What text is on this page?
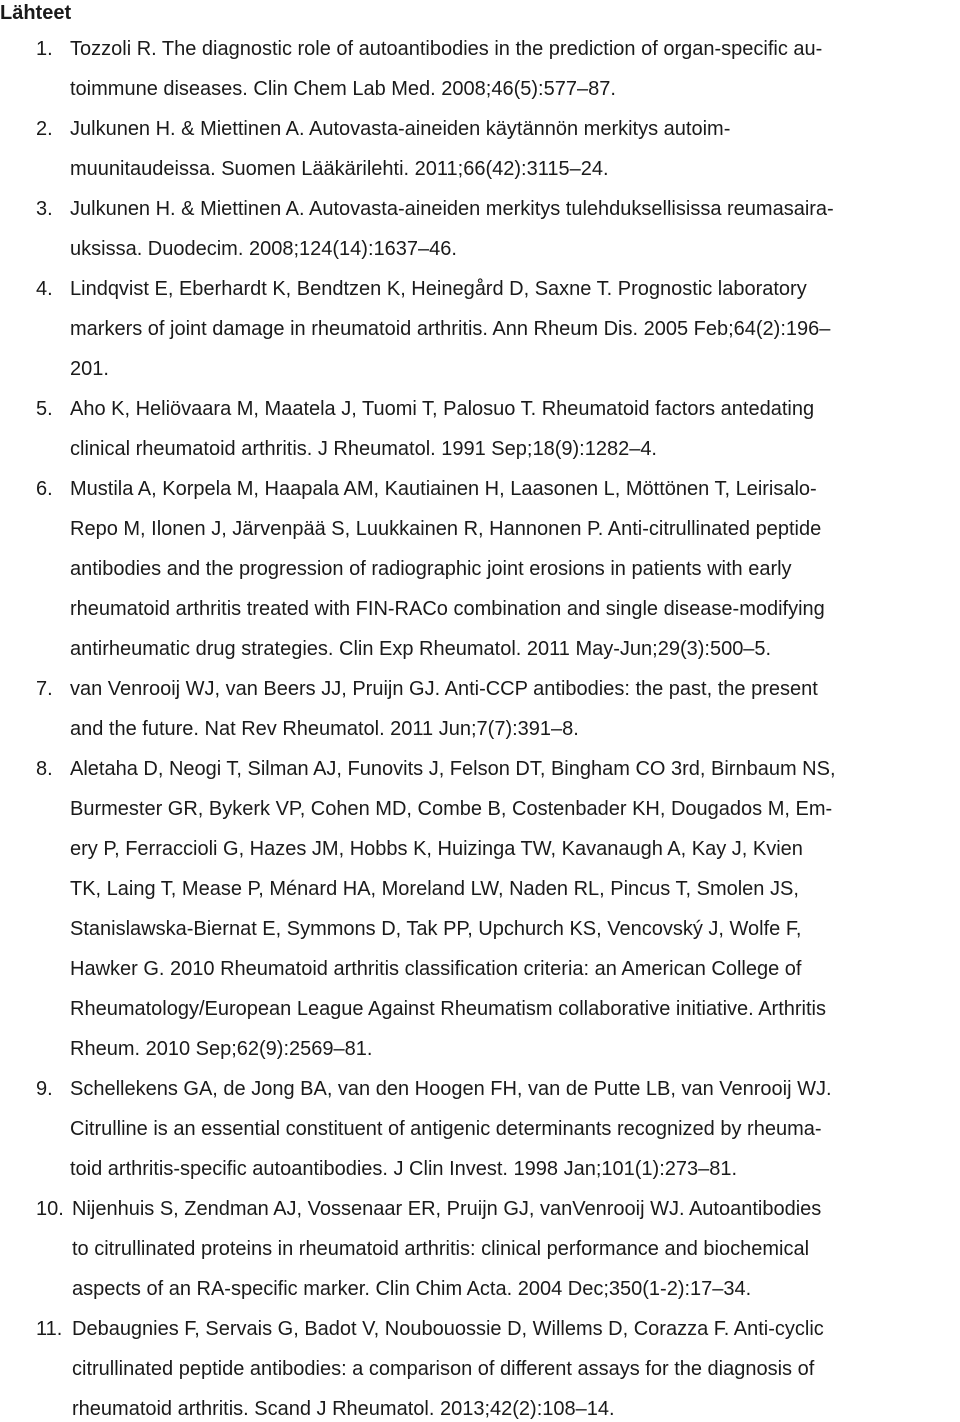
Lähteet
1. Tozzoli R. The diagnostic role of autoantibodies in the prediction of organ-specific au-
toimmune diseases. Clin Chem Lab Med. 2008;46(5):577–87.
2. Julkunen H. & Miettinen A. Autovasta-aineiden käytännön merkitys autoim-
muunitaudeissa. Suomen Lääkärilehti. 2011;66(42):3115–24.
3. Julkunen H. & Miettinen A. Autovasta-aineiden merkitys tulehduksellisissa reumasaira-
uksissa. Duodecim. 2008;124(14):1637–46.
4. Lindqvist E, Eberhardt K, Bendtzen K, Heinegård D, Saxne T. Prognostic laboratory
markers of joint damage in rheumatoid arthritis. Ann Rheum Dis. 2005 Feb;64(2):196–
201.
5. Aho K, Heliövaara M, Maatela J, Tuomi T, Palosuo T. Rheumatoid factors antedating
clinical rheumatoid arthritis. J Rheumatol. 1991 Sep;18(9):1282–4.
6. Mustila A, Korpela M, Haapala AM, Kautiainen H, Laasonen L, Möttönen T, Leirisalo-
Repo M, Ilonen J, Järvenpää S, Luukkainen R, Hannonen P. Anti-citrullinated peptide
antibodies and the progression of radiographic joint erosions in patients with early
rheumatoid arthritis treated with FIN-RACo combination and single disease-modifying
antirheumatic drug strategies. Clin Exp Rheumatol. 2011 May-Jun;29(3):500–5.
7. van Venrooij WJ, van Beers JJ, Pruijn GJ. Anti-CCP antibodies: the past, the present
and the future. Nat Rev Rheumatol. 2011 Jun;7(7):391–8.
8. Aletaha D, Neogi T, Silman AJ, Funovits J, Felson DT, Bingham CO 3rd, Birnbaum NS,
Burmester GR, Bykerk VP, Cohen MD, Combe B, Costenbader KH, Dougados M, Em-
ery P, Ferraccioli G, Hazes JM, Hobbs K, Huizinga TW, Kavanaugh A, Kay J, Kvien
TK, Laing T, Mease P, Ménard HA, Moreland LW, Naden RL, Pincus T, Smolen JS,
Stanislawska-Biernat E, Symmons D, Tak PP, Upchurch KS, Vencovský J, Wolfe F,
Hawker G. 2010 Rheumatoid arthritis classification criteria: an American College of
Rheumatology/European League Against Rheumatism collaborative initiative. Arthritis
Rheum. 2010 Sep;62(9):2569–81.
9. Schellekens GA, de Jong BA, van den Hoogen FH, van de Putte LB, van Venrooij WJ.
Citrulline is an essential constituent of antigenic determinants recognized by rheuma-
toid arthritis-specific autoantibodies. J Clin Invest. 1998 Jan;101(1):273–81.
10. Nijenhuis S, Zendman AJ, Vossenaar ER, Pruijn GJ, vanVenrooij WJ. Autoantibodies
to citrullinated proteins in rheumatoid arthritis: clinical performance and biochemical
aspects of an RA-specific marker. Clin Chim Acta. 2004 Dec;350(1-2):17–34.
11. Debaugnies F, Servais G, Badot V, Noubouossie D, Willems D, Corazza F. Anti-cyclic
citrullinated peptide antibodies: a comparison of different assays for the diagnosis of
rheumatoid arthritis. Scand J Rheumatol. 2013;42(2):108–14.
